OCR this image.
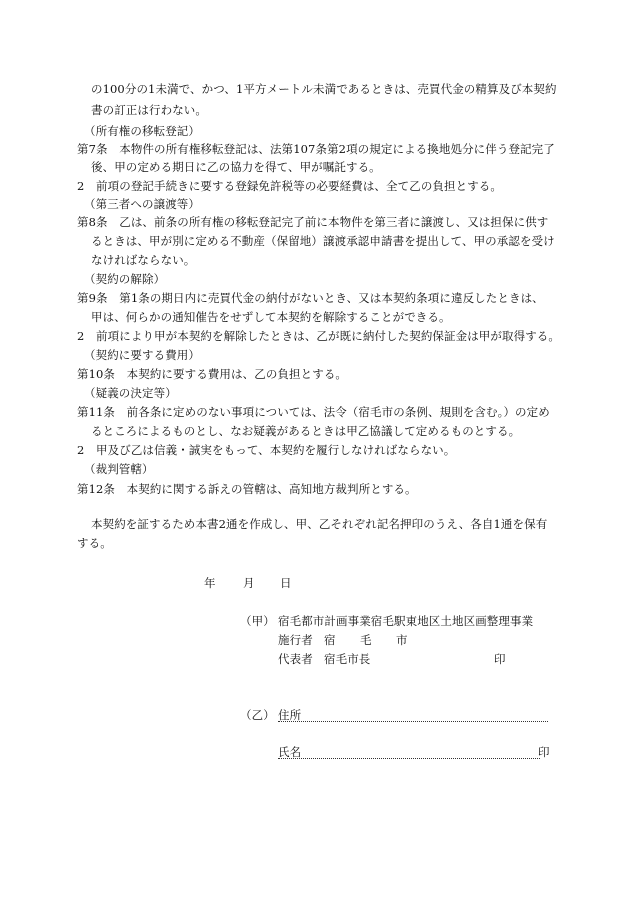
の100分の1未満で、かつ、1平方メートル未満であるときは、売買代金の精算及び本契約
書の訂正は行わない。
（所有権の移転登記）
第7条　本物件の所有権移転登記は、法第107条第2項の規定による換地処分に伴う登記完了
後、甲の定める期日に乙の協力を得て、甲が嘱託する。
2　前項の登記手続きに要する登録免許税等の必要経費は、全て乙の負担とする。
（第三者への譲渡等）
第8条　乙は、前条の所有権の移転登記完了前に本物件を第三者に譲渡し、又は担保に供す
るときは、甲が別に定める不動産（保留地）譲渡承認申請書を提出して、甲の承認を受け
なければならない。
（契約の解除）
第9条　第1条の期日内に売買代金の納付がないとき、又は本契約条項に違反したときは、
甲は、何らかの通知催告をせずして本契約を解除することができる。
2　前項により甲が本契約を解除したときは、乙が既に納付した契約保証金は甲が取得する。
（契約に要する費用）
第10条　本契約に要する費用は、乙の負担とする。
（疑義の決定等）
第11条　前各条に定めのない事項については、法令（宿毛市の条例、規則を含む。）の定め
るところによるものとし、なお疑義があるときは甲乙協議して定めるものとする。
2　甲及び乙は信義・誠実をもって、本契約を履行しなければならない。
（裁判管轄）
第12条　本契約に関する訴えの管轄は、高知地方裁判所とする。
本契約を証するため本書2通を作成し、甲、乙それぞれ記名押印のうえ、各自1通を保有
する。
年 月 日
（甲） 宿毛都市計画事業宿毛駅東地区土地区画整理事業
施行者 宿 毛 市
代表者 宿毛市長	印
（乙） 住所
氏名	印
